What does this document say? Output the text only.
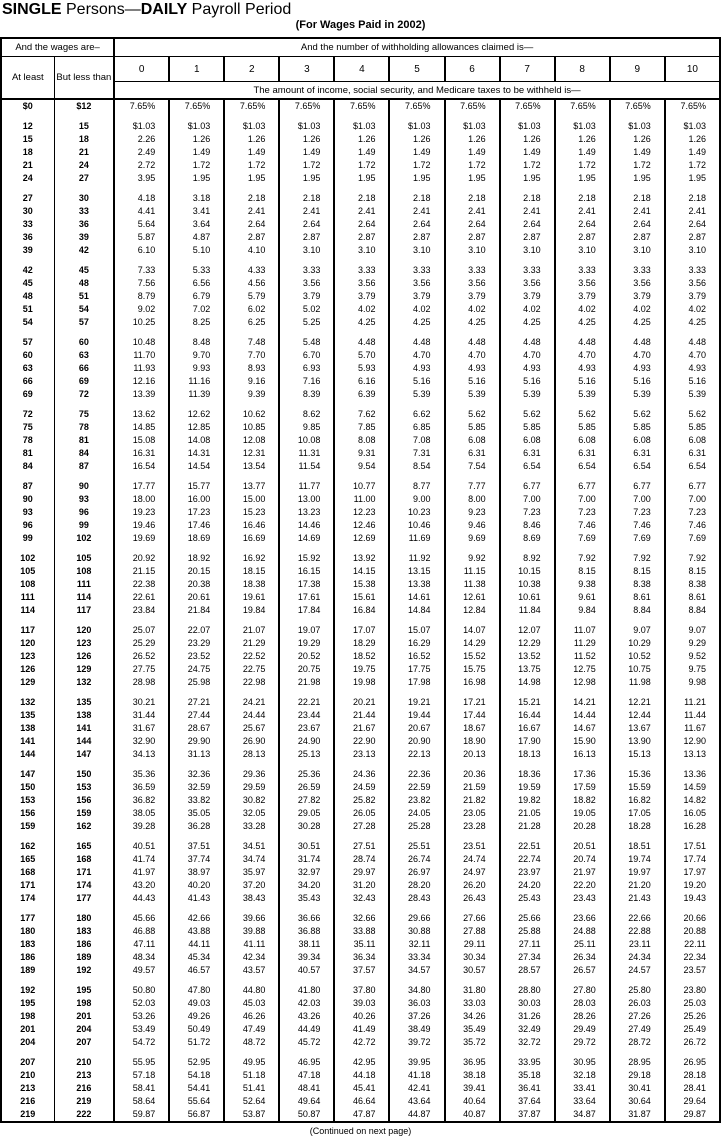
SINGLE Persons—DAILY Payroll Period
(For Wages Paid in 2002)
And the wages are–		And the number of withholding allowances claimed is—										
At least	But less than	0	1	2	3	4	5	6	7	8	9	10
		The amount of income, social security, and Medicare taxes to be withheld is—										
$0	$12	7.65%	7.65%	7.65%	7.65%	7.65%	7.65%	7.65%	7.65%	7.65%	7.65%	7.65%

12	15	$1.03	$1.03	$1.03	$1.03	$1.03	$1.03	$1.03	$1.03	$1.03	$1.03	$1.03
15	18	2.26	1.26	1.26	1.26	1.26	1.26	1.26	1.26	1.26	1.26	1.26
18	21	2.49	1.49	1.49	1.49	1.49	1.49	1.49	1.49	1.49	1.49	1.49
21	24	2.72	1.72	1.72	1.72	1.72	1.72	1.72	1.72	1.72	1.72	1.72
24	27	3.95	1.95	1.95	1.95	1.95	1.95	1.95	1.95	1.95	1.95	1.95

27	30	4.18	3.18	2.18	2.18	2.18	2.18	2.18	2.18	2.18	2.18	2.18
30	33	4.41	3.41	2.41	2.41	2.41	2.41	2.41	2.41	2.41	2.41	2.41
33	36	5.64	3.64	2.64	2.64	2.64	2.64	2.64	2.64	2.64	2.64	2.64
36	39	5.87	4.87	2.87	2.87	2.87	2.87	2.87	2.87	2.87	2.87	2.87
39	42	6.10	5.10	4.10	3.10	3.10	3.10	3.10	3.10	3.10	3.10	3.10

42	45	7.33	5.33	4.33	3.33	3.33	3.33	3.33	3.33	3.33	3.33	3.33
45	48	7.56	6.56	4.56	3.56	3.56	3.56	3.56	3.56	3.56	3.56	3.56
48	51	8.79	6.79	5.79	3.79	3.79	3.79	3.79	3.79	3.79	3.79	3.79
51	54	9.02	7.02	6.02	5.02	4.02	4.02	4.02	4.02	4.02	4.02	4.02
54	57	10.25	8.25	6.25	5.25	4.25	4.25	4.25	4.25	4.25	4.25	4.25

57	60	10.48	8.48	7.48	5.48	4.48	4.48	4.48	4.48	4.48	4.48	4.48
60	63	11.70	9.70	7.70	6.70	5.70	4.70	4.70	4.70	4.70	4.70	4.70
63	66	11.93	9.93	8.93	6.93	5.93	4.93	4.93	4.93	4.93	4.93	4.93
66	69	12.16	11.16	9.16	7.16	6.16	5.16	5.16	5.16	5.16	5.16	5.16
69	72	13.39	11.39	9.39	8.39	6.39	5.39	5.39	5.39	5.39	5.39	5.39

72	75	13.62	12.62	10.62	8.62	7.62	6.62	5.62	5.62	5.62	5.62	5.62
75	78	14.85	12.85	10.85	9.85	7.85	6.85	5.85	5.85	5.85	5.85	5.85
78	81	15.08	14.08	12.08	10.08	8.08	7.08	6.08	6.08	6.08	6.08	6.08
81	84	16.31	14.31	12.31	11.31	9.31	7.31	6.31	6.31	6.31	6.31	6.31
84	87	16.54	14.54	13.54	11.54	9.54	8.54	7.54	6.54	6.54	6.54	6.54

87	90	17.77	15.77	13.77	11.77	10.77	8.77	7.77	6.77	6.77	6.77	6.77
90	93	18.00	16.00	15.00	13.00	11.00	9.00	8.00	7.00	7.00	7.00	7.00
93	96	19.23	17.23	15.23	13.23	12.23	10.23	9.23	7.23	7.23	7.23	7.23
96	99	19.46	17.46	16.46	14.46	12.46	10.46	9.46	8.46	7.46	7.46	7.46
99	102	19.69	18.69	16.69	14.69	12.69	11.69	9.69	8.69	7.69	7.69	7.69

102	105	20.92	18.92	16.92	15.92	13.92	11.92	9.92	8.92	7.92	7.92	7.92
105	108	21.15	20.15	18.15	16.15	14.15	13.15	11.15	10.15	8.15	8.15	8.15
108	111	22.38	20.38	18.38	17.38	15.38	13.38	11.38	10.38	9.38	8.38	8.38
111	114	22.61	20.61	19.61	17.61	15.61	14.61	12.61	10.61	9.61	8.61	8.61
114	117	23.84	21.84	19.84	17.84	16.84	14.84	12.84	11.84	9.84	8.84	8.84

117	120	25.07	22.07	21.07	19.07	17.07	15.07	14.07	12.07	11.07	9.07	9.07
120	123	25.29	23.29	21.29	19.29	18.29	16.29	14.29	12.29	11.29	10.29	9.29
123	126	26.52	23.52	22.52	20.52	18.52	16.52	15.52	13.52	11.52	10.52	9.52
126	129	27.75	24.75	22.75	20.75	19.75	17.75	15.75	13.75	12.75	10.75	9.75
129	132	28.98	25.98	22.98	21.98	19.98	17.98	16.98	14.98	12.98	11.98	9.98

132	135	30.21	27.21	24.21	22.21	20.21	19.21	17.21	15.21	14.21	12.21	11.21
135	138	31.44	27.44	24.44	23.44	21.44	19.44	17.44	16.44	14.44	12.44	11.44
138	141	31.67	28.67	25.67	23.67	21.67	20.67	18.67	16.67	14.67	13.67	11.67
141	144	32.90	29.90	26.90	24.90	22.90	20.90	18.90	17.90	15.90	13.90	12.90
144	147	34.13	31.13	28.13	25.13	23.13	22.13	20.13	18.13	16.13	15.13	13.13

147	150	35.36	32.36	29.36	25.36	24.36	22.36	20.36	18.36	17.36	15.36	13.36
150	153	36.59	32.59	29.59	26.59	24.59	22.59	21.59	19.59	17.59	15.59	14.59
153	156	36.82	33.82	30.82	27.82	25.82	23.82	21.82	19.82	18.82	16.82	14.82
156	159	38.05	35.05	32.05	29.05	26.05	24.05	23.05	21.05	19.05	17.05	16.05
159	162	39.28	36.28	33.28	30.28	27.28	25.28	23.28	21.28	20.28	18.28	16.28

162	165	40.51	37.51	34.51	30.51	27.51	25.51	23.51	22.51	20.51	18.51	17.51
165	168	41.74	37.74	34.74	31.74	28.74	26.74	24.74	22.74	20.74	19.74	17.74
168	171	41.97	38.97	35.97	32.97	29.97	26.97	24.97	23.97	21.97	19.97	17.97
171	174	43.20	40.20	37.20	34.20	31.20	28.20	26.20	24.20	22.20	21.20	19.20
174	177	44.43	41.43	38.43	35.43	32.43	28.43	26.43	25.43	23.43	21.43	19.43

177	180	45.66	42.66	39.66	36.66	32.66	29.66	27.66	25.66	23.66	22.66	20.66
180	183	46.88	43.88	39.88	36.88	33.88	30.88	27.88	25.88	24.88	22.88	20.88
183	186	47.11	44.11	41.11	38.11	35.11	32.11	29.11	27.11	25.11	23.11	22.11
186	189	48.34	45.34	42.34	39.34	36.34	33.34	30.34	27.34	26.34	24.34	22.34
189	192	49.57	46.57	43.57	40.57	37.57	34.57	30.57	28.57	26.57	24.57	23.57

192	195	50.80	47.80	44.80	41.80	37.80	34.80	31.80	28.80	27.80	25.80	23.80
195	198	52.03	49.03	45.03	42.03	39.03	36.03	33.03	30.03	28.03	26.03	25.03
198	201	53.26	49.26	46.26	43.26	40.26	37.26	34.26	31.26	28.26	27.26	25.26
201	204	53.49	50.49	47.49	44.49	41.49	38.49	35.49	32.49	29.49	27.49	25.49
204	207	54.72	51.72	48.72	45.72	42.72	39.72	35.72	32.72	29.72	28.72	26.72

207	210	55.95	52.95	49.95	46.95	42.95	39.95	36.95	33.95	30.95	28.95	26.95
210	213	57.18	54.18	51.18	47.18	44.18	41.18	38.18	35.18	32.18	29.18	28.18
213	216	58.41	54.41	51.41	48.41	45.41	42.41	39.41	36.41	33.41	30.41	28.41
216	219	58.64	55.64	52.64	49.64	46.64	43.64	40.64	37.64	33.64	30.64	29.64
219	222	59.87	56.87	53.87	50.87	47.87	44.87	40.87	37.87	34.87	31.87	29.87
(Continued on next page)
